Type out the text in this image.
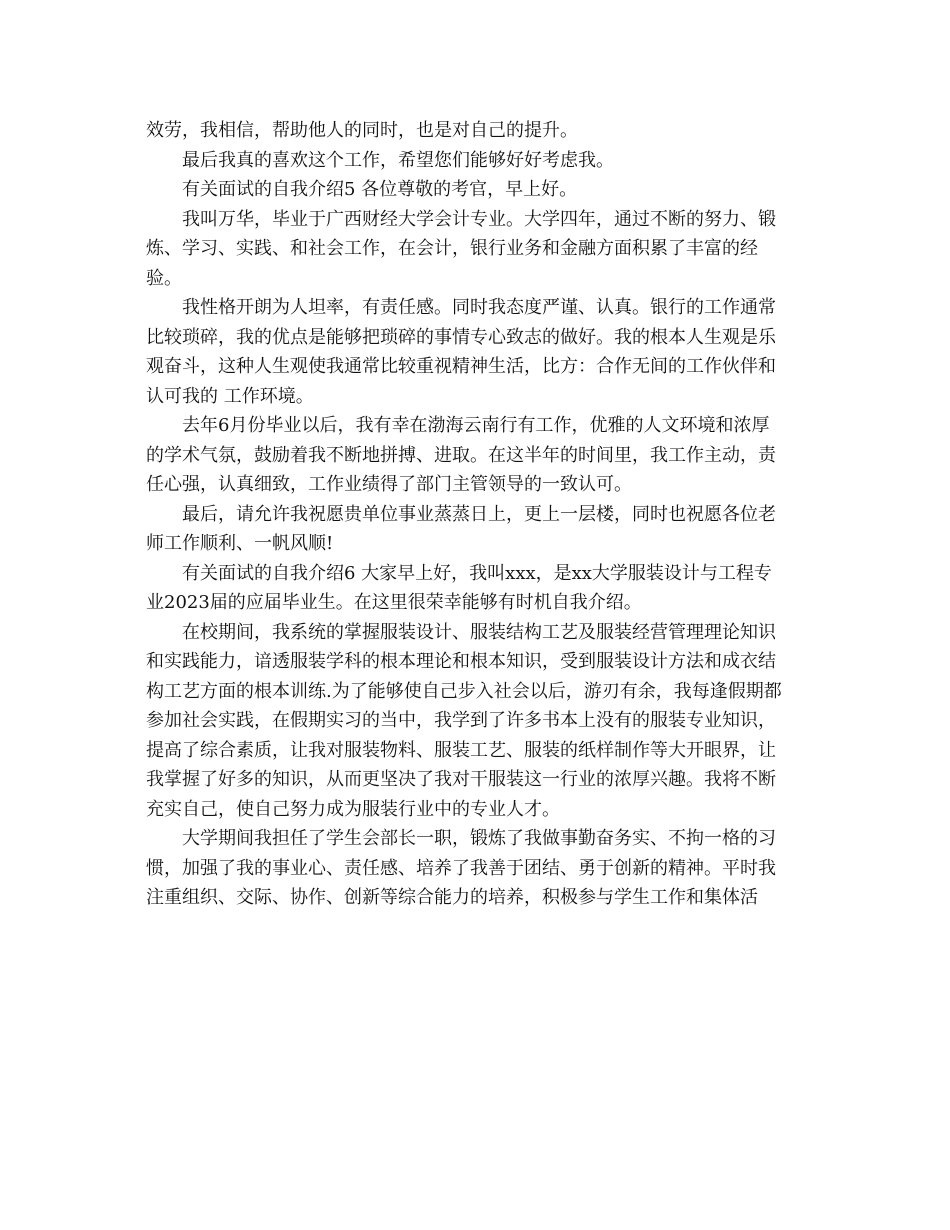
效劳，我相信，帮助他人的同时，也是对自己的提升。
最后我真的喜欢这个工作，希望您们能够好好考虑我。
有关面试的自我介绍5 各位尊敬的考官，早上好。
我叫万华，毕业于广西财经大学会计专业。大学四年，通过不断的努力、锻
炼、学习、实践、和社会工作，在会计，银行业务和金融方面积累了丰富的经
验。
我性格开朗为人坦率，有责任感。同时我态度严谨、认真。银行的工作通常
比较琐碎，我的优点是能够把琐碎的事情专心致志的做好。我的根本人生观是乐
观奋斗，这种人生观使我通常比较重视精神生活，比方：合作无间的工作伙伴和
认可我的 工作环境。
去年6月份毕业以后，我有幸在渤海云南行有工作，优雅的人文环境和浓厚
的学术气氛，鼓励着我不断地拼搏、进取。在这半年的时间里，我工作主动，责
任心强，认真细致，工作业绩得了部门主管领导的一致认可。
最后，请允许我祝愿贵单位事业蒸蒸日上，更上一层楼，同时也祝愿各位老
师工作顺利、一帆风顺!
有关面试的自我介绍6 大家早上好，我叫xxx，是xx大学服装设计与工程专
业2023届的应届毕业生。在这里很荣幸能够有时机自我介绍。
在校期间，我系统的掌握服装设计、服装结构工艺及服装经营管理理论知识
和实践能力，谙透服装学科的根本理论和根本知识，受到服装设计方法和成衣结
构工艺方面的根本训练.为了能够使自己步入社会以后，游刃有余，我每逢假期都
参加社会实践，在假期实习的当中，我学到了许多书本上没有的服装专业知识，
提高了综合素质，让我对服装物料、服装工艺、服装的纸样制作等大开眼界，让
我掌握了好多的知识，从而更坚决了我对干服装这一行业的浓厚兴趣。我将不断
充实自己，使自己努力成为服装行业中的专业人才。
大学期间我担任了学生会部长一职，锻炼了我做事勤奋务实、不拘一格的习
惯，加强了我的事业心、责任感、培养了我善于团结、勇于创新的精神。平时我
注重组织、交际、协作、创新等综合能力的培养，积极参与学生工作和集体活
